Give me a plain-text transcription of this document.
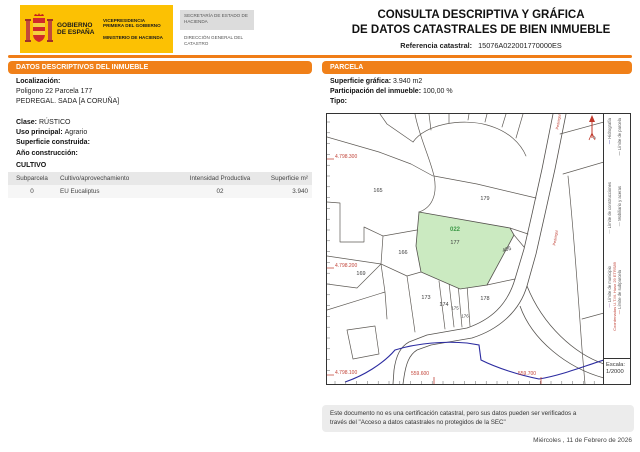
GOBIERNO DE ESPAÑA
VICEPRESIDENCIA PRIMERA DEL GOBIERNO
MINISTERIO DE HACIENDA
SECRETARÍA DE ESTADO DE HACIENDA
DIRECCIÓN GENERAL DEL CATASTRO
CONSULTA DESCRIPTIVA Y GRÁFICA
DE DATOS CATASTRALES DE BIEN INMUEBLE
Referencia catastral: 15076A022001770000ES
DATOS DESCRIPTIVOS DEL INMUEBLE
Localización:
Poligono 22 Parcela 177
PEDREGAL. SADA [A CORUÑA]
Clase: RÚSTICO
Uso principal: Agrario
Superficie construida:
Año construcción:
CULTIVO
Subparcela	Cultivo/aprovechamiento	Intensidad Productiva	Superficie m²
0	EU Eucaliptus	02	3.940
PARCELA
Superficie gráfica: 3.940 m2
Participación del inmueble: 100,00 %
Tipo:
165
179
022
177
405
166
169
173
174 175
176
178
4.798.300
4.798.200
4.798.100	559.600	559.700
Pedregal
Pedregal
A
— Hidrografía
— Límite de parcela
— Límite de construcciones	— Mobiliario y aceras
— Límite de municipio
— Límite de subparcela
Coordenadas U.T.M. Huso 29 ETRS89
Escala:
1/2000
Este documento no es una certificación catastral, pero sus datos pueden ser verificados a
través del "Acceso a datos catastrales no protegidos de la SEC"
Miércoles , 11 de Febrero de 2026
